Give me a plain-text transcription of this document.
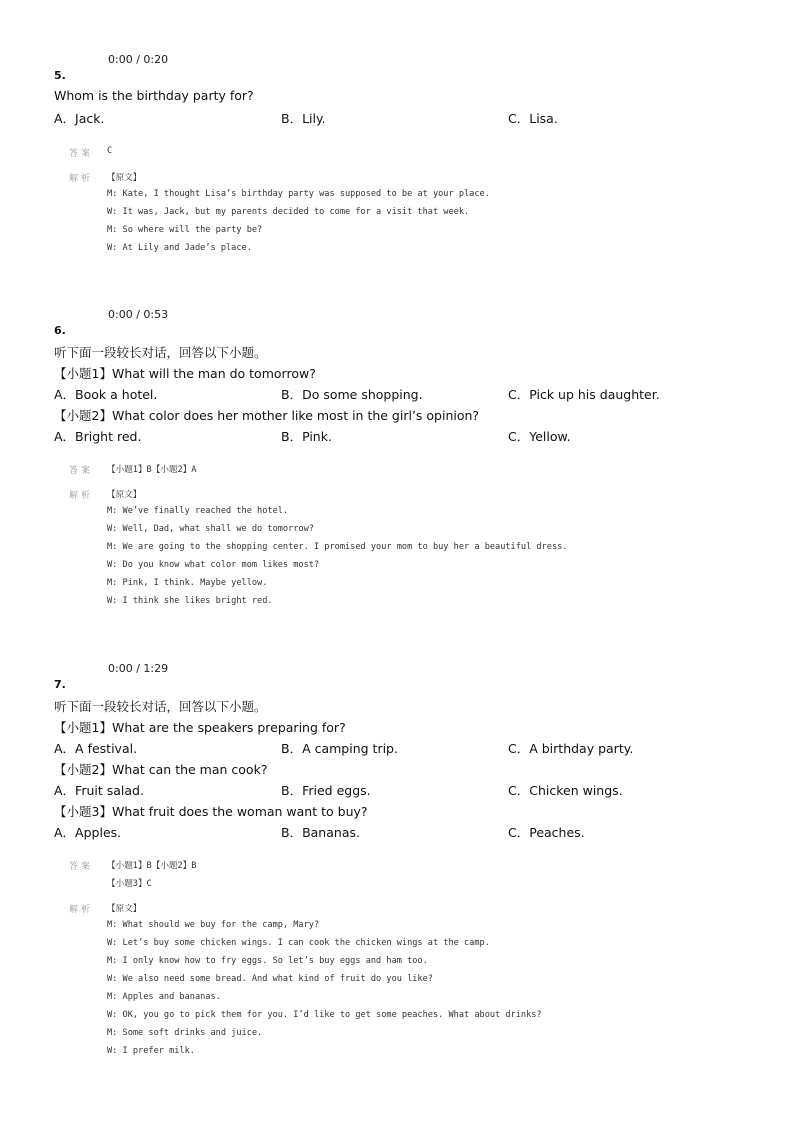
0:00 / 0:20
5.
Whom is the birthday party for?
A．Jack.	B．Lily.	C．Lisa.
答案 C
解析 【原文】
M: Kate, I thought Lisa’s birthday party was supposed to be at your place.
W: It was, Jack, but my parents decided to come for a visit that week.
M: So where will the party be?
W: At Lily and Jade’s place.
0:00 / 0:53
6.
听下面一段较长对话，回答以下小题。
【小题1】What will the man do tomorrow?
A．Book a hotel.	B．Do some shopping.	C．Pick up his daughter.
【小题2】What color does her mother like most in the girl’s opinion?
A．Bright red.	B．Pink.	C．Yellow.
答案 【小题1】B【小题2】A
解析 【原文】
M: We’ve finally reached the hotel.
W: Well, Dad, what shall we do tomorrow?
M: We are going to the shopping center. I promised your mom to buy her a beautiful dress.
W: Do you know what color mom likes most?
M: Pink, I think. Maybe yellow.
W: I think she likes bright red.
0:00 / 1:29
7.
听下面一段较长对话，回答以下小题。
【小题1】What are the speakers preparing for?
A．A festival.	B．A camping trip.	C．A birthday party.
【小题2】What can the man cook?
A．Fruit salad.	B．Fried eggs.	C．Chicken wings.
【小题3】What fruit does the woman want to buy?
A．Apples.	B．Bananas.	C．Peaches.
答案 【小题1】B【小题2】B
【小题3】C
解析 【原文】
M: What should we buy for the camp, Mary?
W: Let’s buy some chicken wings. I can cook the chicken wings at the camp.
M: I only know how to fry eggs. So let’s buy eggs and ham too.
W: We also need some bread. And what kind of fruit do you like?
M: Apples and bananas.
W: OK, you go to pick them for you. I’d like to get some peaches. What about drinks?
M: Some soft drinks and juice.
W: I prefer milk.
